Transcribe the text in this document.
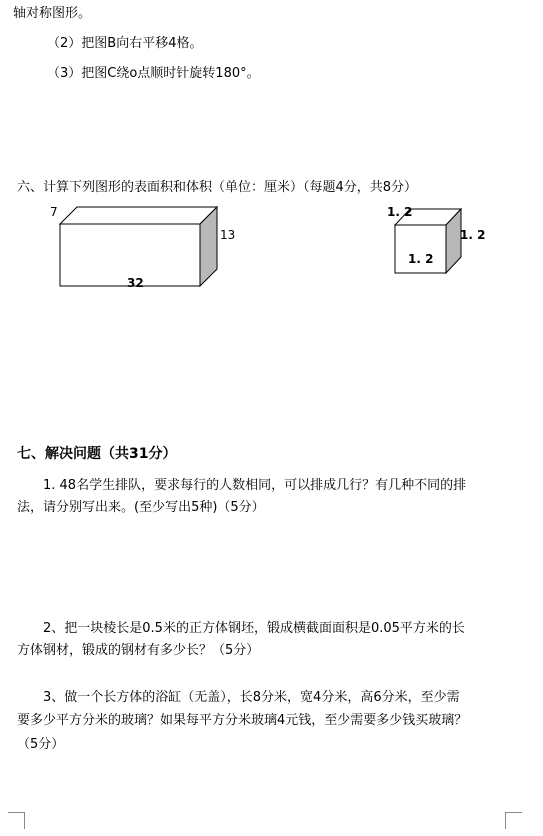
轴对称图形。
（2）把图B向右平移4格。
（3）把图C绕o点顺时针旋转180°。
六、计算下列图形的表面积和体积（单位：厘米）（每题4分，共8分）
7
13
32
1. 2
1. 2
1. 2
七、解决问题（共31分）
1. 48名学生排队，要求每行的人数相同，可以排成几行？有几种不同的排
法，请分别写出来。(至少写出5种)（5分）
2、把一块棱长是0.5米的正方体钢坯，锻成横截面面积是0.05平方米的长
方体钢材，锻成的钢材有多少长？（5分）
3、做一个长方体的浴缸（无盖），长8分米，宽4分米，高6分米，至少需
要多少平方分米的玻璃？如果每平方分米玻璃4元钱，至少需要多少钱买玻璃？
（5分）
